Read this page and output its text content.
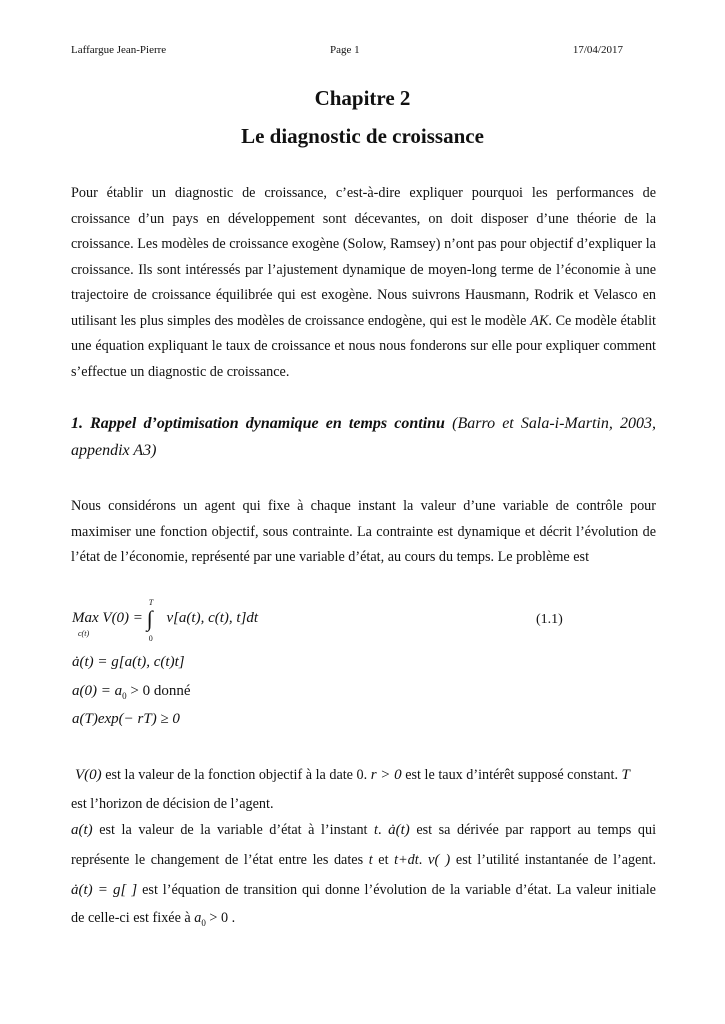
Laffargue Jean-Pierre	Page 1	17/04/2017
Chapitre 2
Le diagnostic de croissance
Pour établir un diagnostic de croissance, c’est-à-dire expliquer pourquoi les performances de croissance d’un pays en développement sont décevantes, on doit disposer d’une théorie de la croissance. Les modèles de croissance exogène (Solow, Ramsey) n’ont pas pour objectif d’expliquer la croissance. Ils sont intéressés par l’ajustement dynamique de moyen-long terme de l’économie à une trajectoire de croissance équilibrée qui est exogène. Nous suivrons Hausmann, Rodrik et Velasco en utilisant les plus simples des modèles de croissance endogène, qui est le modèle AK. Ce modèle établit une équation expliquant le taux de croissance et nous nous fonderons sur elle pour expliquer comment s’effectue un diagnostic de croissance.
1. Rappel d’optimisation dynamique en temps continu (Barro et Sala-i-Martin, 2003, appendix A3)
Nous considérons un agent qui fixe à chaque instant la valeur d’une variable de contrôle pour maximiser une fonction objectif, sous contrainte. La contrainte est dynamique et décrit l’évolution de l’état de l’économie, représenté par une variable d’état, au cours du temps. Le problème est
Max V(0) = ∫
T
0
v[a(t), c(t), t]dt
c(t)
(1.1)
ȧ(t) = g[a(t), c(t)t]
$a(0) = a_0 > 0$ donné
a(T)exp(− rT) ≥ 0
V(0) est la valeur de la fonction objectif à la date 0. r > 0 est le taux d’intérêt supposé constant. T
est l’horizon de décision de l’agent.
a(t) est la valeur de la variable d’état à l’instant t. ȧ(t) est sa dérivée par rapport au temps qui
représente le changement de l’état entre les dates t et t+dt. v( ) est l’utilité instantanée de l’agent.
ȧ(t) = g[ ] est l’équation de transition qui donne l’évolution de la variable d’état. La valeur initiale
de celle-ci est fixée à $a_0 > 0$ .
